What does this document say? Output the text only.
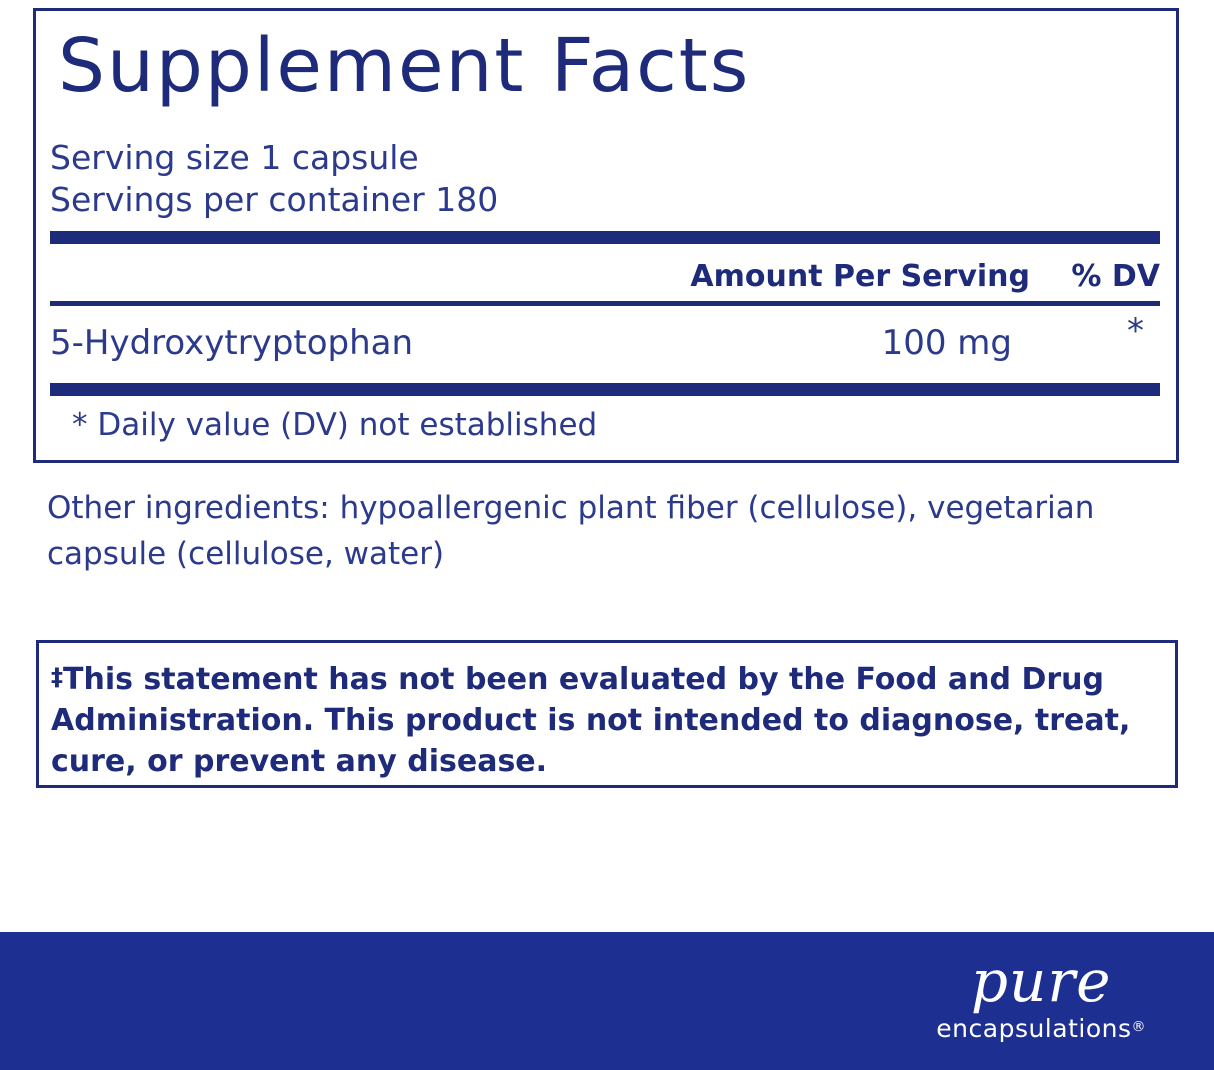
Supplement Facts
Serving size 1 capsule
Servings per container 180
Amount Per Serving % DV
5-Hydroxytryptophan	100 mg	*
* Daily value (DV) not established
Other ingredients: hypoallergenic plant fiber (cellulose), vegetarian capsule (cellulose, water)
‡This statement has not been evaluated by the Food and Drug Administration. This product is not intended to diagnose, treat, cure, or prevent any disease.
pure
encapsulations®
